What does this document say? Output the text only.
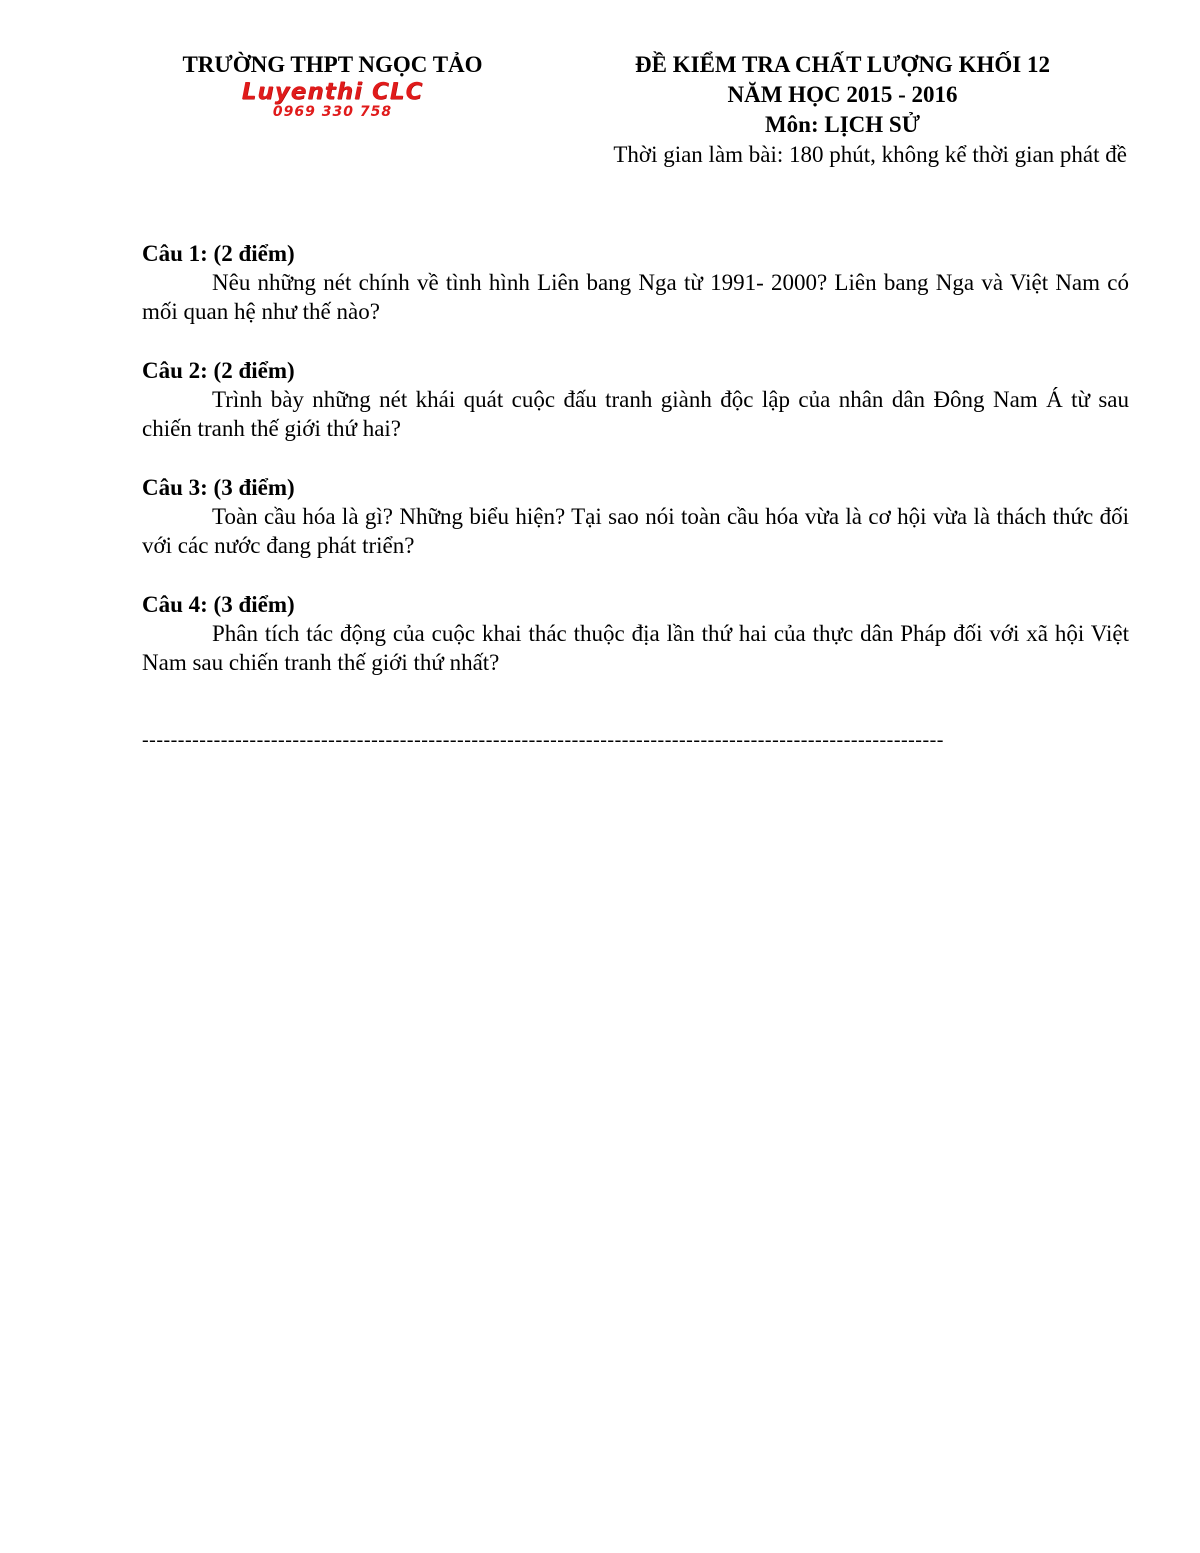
TRƯỜNG THPT NGỌC TẢO
Luyenthi CLC
0969 330 758
ĐỀ KIỂM TRA CHẤT LƯỢNG KHỐI 12
NĂM HỌC 2015 - 2016
Môn: LỊCH SỬ
Thời gian làm bài: 180 phút, không kể thời gian phát đề
Câu 1: (2 điểm)

Nêu những nét chính về tình hình Liên bang Nga từ 1991- 2000? Liên bang Nga và Việt Nam có mối quan hệ như thế nào?

Câu 2: (2 điểm)

Trình bày những nét khái quát cuộc đấu tranh giành độc lập của nhân dân Đông Nam Á từ sau chiến tranh thế giới thứ hai?

Câu 3: (3 điểm)

Toàn cầu hóa là gì? Những biểu hiện? Tại sao nói toàn cầu hóa vừa là cơ hội vừa là thách thức đối với các nước đang phát triển?

Câu 4: (3 điểm)

Phân tích tác động của cuộc khai thác thuộc địa lần thứ hai của thực dân Pháp đối với xã hội Việt Nam sau chiến tranh thế giới thứ nhất?

----------------------------------------------------------------------------------------------------------------
